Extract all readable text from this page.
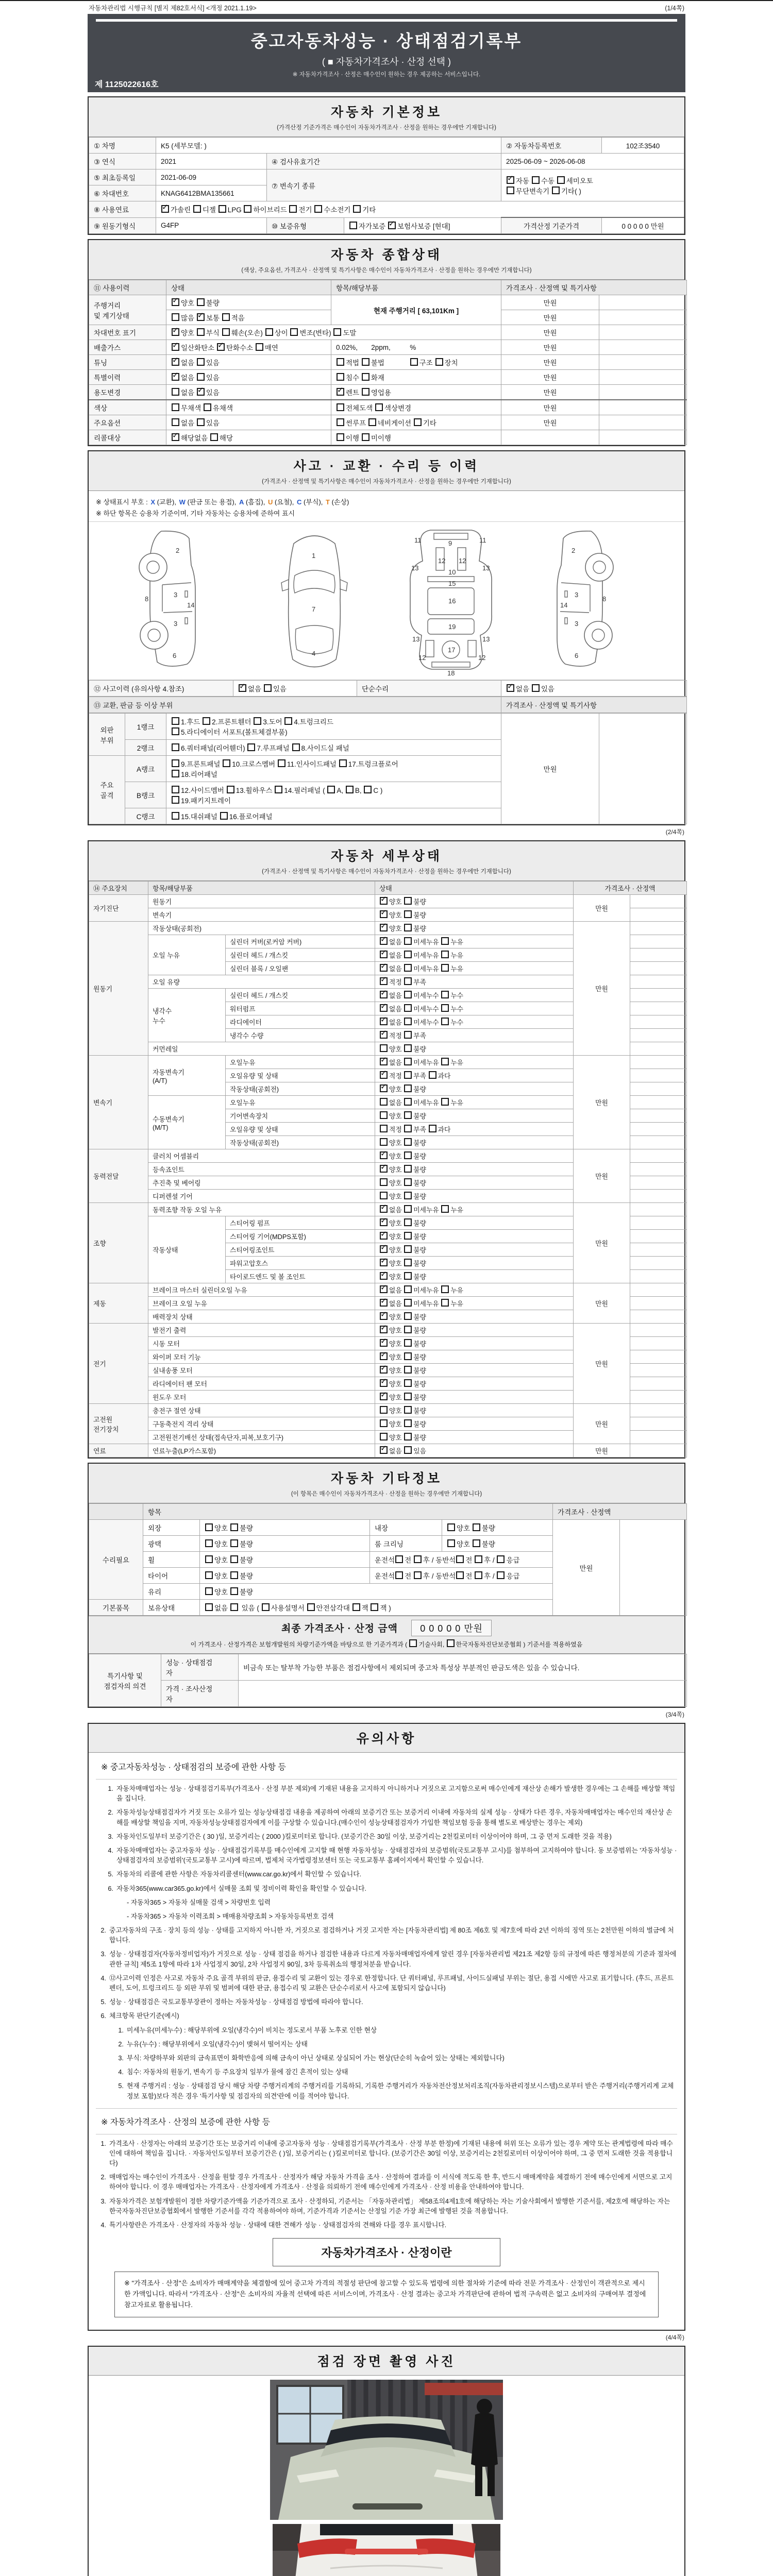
자동차관리법 시행규칙 [별지 제82호서식] <개정 2021.1.19>	(1/4쪽)
중고자동차성능 · 상태점검기록부
( ■ 자동차가격조사 · 산정 선택 )
※ 자동차가격조사 · 산정은 매수인이 원하는 경우 제공하는 서비스입니다.
제 1125022616호
자동차 기본정보
(가격산정 기준가격은 매수인이 자동차가격조사 · 산정을 원하는 경우에만 기재합니다)
① 차명	K5 (세부모델: )			② 자동차등록번호	102조3540
③ 연식	2021	④ 검사유효기간		2025-06-09 ~ 2026-06-08	
⑤ 최초등록일	2021-06-09	⑦ 변속기 종류	✓자동 수동 세미오토
무단변속기 기타( )
⑥ 차대번호	KNAG6412BMA135661				
⑧ 사용연료	✓가솔린 디젤 LPG 하이브리드 전기 수소전기 기타
⑨ 원동기형식	G4FP	⑩ 보증유형	자가보증 ✓보험사보증 [현대]	가격산정 기준가격	0 0 0 0 0 만원
자동차 종합상태
(색상, 주요옵션, 가격조사 · 산정액 및 특기사항은 매수인이 자동차가격조사 · 산정을 원하는 경우에만 기재합니다)
⑪ 사용이력	상태	항목/해당부품	가격조사 · 산정액 및 특기사항	
주행거리
및 계기상태	✓양호 불량	현재 주행거리 [ 63,101Km ]	만원	
	많음 ✓보통 적음		만원	
차대번호 표기	✓양호 부식 훼손(오손) 상이 변조(변타) 도말		만원	
배출가스	✓일산화탄소 ✓탄화수소 매연	0.02%,       2ppm,          %	만원	
튜닝	✓없음 있음	적법 불법             구조 장치	만원	
특별이력	✓없음 있음	침수 화재	만원	
용도변경	없음 ✓있음	✓렌트 영업용	만원	
색상	무채색 유채색	전체도색 색상변경	만원	
주요옵션	없음 있음	썬루프 네비게이션 기타	만원	
리콜대상	✓해당없음 해당	이행 미이행		
사고 · 교환 · 수리 등 이력
(가격조사 · 산정액 및 특기사항은 매수인이 자동차가격조사 · 산정을 원하는 경우에만 기재합니다)
※ 상태표시 부호 : X (교환), W (판금 또는 용접), A (흠집), U (요철), C (부식), T (손상)
※ 하단 항목은 승용차 기준이며, 기타 자동차는 승용차에 준하여 표시
2
3
14
3
8
6
1
7
4
9
11	11
12 12
13	13
10
15
16
19
13	13
12
17
12
18
2
3
14
3
8
6
⑫ 사고이력 (유의사항 4.참조)	✓없음 있음	단순수리	✓없음 있음
⑬ 교환, 판금 등 이상 부위	가격조사 · 산정액 및 특기사항
외판
부위	1랭크	1.후드 2.프론트휀더 3.도어 4.트렁크리드
5.라디에이터 서포트(볼트체결부품)	만원	
	2랭크	6.쿼터패널(리어휀더) 7.루프패널 8.사이드실 패널		
주요
골격	A랭크	9.프론트패널 10.크로스멤버 11.인사이드패널 17.트렁크플로어
18.리어패널		
	B랭크	12.사이드멤버 13.휠하우스 14.필러패널 ( A, B, C )
19.패키지트레이		
	C랭크	15.대쉬패널 16.플로어패널		
(2/4쪽)
자동차 세부상태
(가격조사 · 산정액 및 특기사항은 매수인이 자동차가격조사 · 산정을 원하는 경우에만 기재합니다)
⑭ 주요장치	항목/해당부품		상태	가격조사 · 산정액	
자기진단	원동기	✓양호 불량	만원	
	변속기	✓양호 불량	
원동기	작동상태(공회전)	✓양호 불량	만원	
	오일 누유	실린더 커버(로커암 커버)	✓없음 미세누유 누유	
		실린더 헤드 / 개스킷	✓없음 미세누유 누유	
		실린더 블록 / 오일팬	✓없음 미세누유 누유	
	오일 유량	✓적정 부족	
	냉각수
누수	실린더 헤드 / 개스킷	✓없음 미세누수 누수	
		워터펌프	✓없음 미세누수 누수	
		라디에이터	✓없음 미세누수 누수	
		냉각수 수량	✓적정 부족	
	커먼레일		양호 불량		
변속기	자동변속기
(A/T)	오일누유	✓없음 미세누유 누유	만원	
		오일유량 및 상태	✓적정 부족 과다	
		작동상태(공회전)	✓양호 불량	
	수동변속기
(M/T)	오일누유	없음 미세누유 누유		
		기어변속장치	양호 불량		
		오일유량 및 상태	적정 부족 과다		
		작동상태(공회전)	양호 불량		
동력전달	클러치 어셈블리	✓양호 불량	만원	
	등속죠인트	✓양호 불량	
	추진축 및 베어링		양호 불량		
	디퍼렌셜 기어		양호 불량		
조향	동력조향 작동 오일 누유	✓없음 미세누유 누유	만원	
	작동상태	스티어링 펌프	✓양호 불량	
		스티어링 기어(MDPS포함)	✓양호 불량	
		스티어링조인트	✓양호 불량	
		파워고압호스	✓양호 불량	
		타이로드엔드 및 볼 조인트	✓양호 불량	
제동	브레이크 마스터 실린더오일 누유	✓없음 미세누유 누유	만원	
	브레이크 오일 누유	✓없음 미세누유 누유	
	배력장치 상태	✓양호 불량	
전기	발전기 출력	✓양호 불량	만원	
	시동 모터	✓양호 불량	
	와이퍼 모터 기능	✓양호 불량	
	실내송풍 모터	✓양호 불량	
	라디에이터 팬 모터	✓양호 불량	
	윈도우 모터	✓양호 불량	
고전원
전기장치	충전구 절연 상태		양호 불량	만원	
	구동축전지 격리 상태		양호 불량		
	고전원전기배선 상태(접속단자,피복,보호기구)		양호 불량		
연료	연료누출(LP가스포함)	✓없음 있음	만원	
자동차 기타정보
(이 항목은 매수인이 자동차가격조사 · 산정을 원하는 경우에만 기재합니다)
	항목				가격조사 · 산정액	
수리필요	외장	양호 불량	내장	양호 불량	만원	
	광택	양호 불량	룸 크리닝	양호 불량		
	휠	양호 불량	운전석 전 후 / 동반석 전 후 / 응급			
	타이어	양호 불량	운전석 전 후 / 동반석 전 후 / 응급			
	유리	양호 불량				
기본품목	보유상태	없음  있음 ( 사용설명서 안전삼각대 잭 잭 )				
최종 가격조사 · 산정 금액 0 0 0 0 0 만원
이 가격조사 · 산정가격은 보험개발원의 차량기준가액을 바탕으로 한 기준가격과 ( 기술사회, 한국자동차진단보증협회 ) 기준서를 적용하였음
특기사항 및
점검자의 의견	성능 · 상태점검
자	비금속 또는 탈부착 가능한 부품은 점검사항에서 제외되며 중고차 특성상 부분적인 판금도색은 있을 수 있습니다.
	가격 · 조사산정
자	

(3/4쪽)
유의사항
※ 중고자동차성능 · 상태점검의 보증에 관한 사항 등
1. 자동차매매업자는 성능 · 상태점검기록부(가격조사 · 산정 부분 제외)에 기재된 내용을 고지하지 아니하거나 거짓으로 고지함으로써 매수인에게 재산상 손해가 발생한 경우에는 그 손해를 배상할 책임을 집니다.
2. 자동차성능상태점검자가 거짓 또는 오류가 있는 성능상태점검 내용을 제공하여 아래의 보증기간 또는 보증거리 이내에 자동차의 실제 성능 · 상태가 다른 경우, 자동차매매업자는 매수인의 재산상 손해를 배상할 책임을 지며, 자동차성능상태점검자에게 이를 구상할 수 있습니다.(매수인이 성능상태점검자가 가입한 책임보험 등을 통해 별도로 배상받는 경우는 제외)
3. 자동차인도일부터 보증기간은 ( 30 )일, 보증거리는 ( 2000 )킬로미터로 합니다. (보증기간은 30일 이상, 보증거리는 2천킬로미터 이상이어야 하며, 그 중 먼저 도래한 것을 적용)
4. 자동차매매업자는 중고자동차 성능 · 상태점검기록부를 매수인에게 고지할 때 현행 자동차성능 · 상태점검자의 보증범위(국토교통부 고시)를 첨부하여 고지하여야 합니다. 동 보증범위는 '자동차성능 · 상태점검자의 보증범위'(국토교통부 고시)에 따르며, 법제처 국가법령정보센터 또는 국토교통부 홈페이지에서 확인할 수 있습니다.
5. 자동차의 리콜에 관한 사항은 자동차리콜센터(www.car.go.kr)에서 확인할 수 있습니다.
6. 자동차365(www.car365.go.kr)에서 실매물 조회 및 정비이력 확인을 확인할 수 있습니다.
- 자동차365 > 자동차 실매물 검색 > 차량번호 입력
- 자동차365 > 자동차 이력조회 > 매매용차량조회 > 자동차등록번호 검색
2. 중고자동차의 구조 · 장치 등의 성능 · 상태를 고지하지 아니한 자, 거짓으로 점검하거나 거짓 고지한 자는 [자동차관리법] 제 80조 제6호 및 제7호에 따라 2년 이하의 징역 또는 2천만원 이하의 벌금에 처합니다.
3. 성능 · 상태점검자(자동차정비업자)가 거짓으로 성능 · 상태 점검을 하거나 점검한 내용과 다르게 자동차매매업자에게 알린 경우 [자동차관리법 제21조 제2항 등의 규정에 따른 행정처분의 기준과 절차에 관한 규칙] 제5조 1항에 따라 1차 사업정지 30일, 2차 사업정지 90일, 3차 등록취소의 행정처분을 받습니다.
4. ⑫사고이력 인정은 사고로 자동차 주요 골격 부위의 판금, 용접수리 및 교환이 있는 경우로 한정합니다. 단 쿼터패널, 루프패널, 사이드실패널 부위는 절단, 용접 시에만 사고로 표기합니다. (후드, 프론트펜더, 도어, 트렁크리드 등 외판 부위 및 범퍼에 대한 판금, 용접수리 및 교환은 단순수리로서 사고에 포함되지 않습니다)
5. 성능 · 상태점검은 국토교통부장관이 정하는 자동차성능 · 상태점검 방법에 따라야 합니다.
6. 체크항목 판단기준(예시)
1. 미세누유(미세누수) : 해당부위에 오일(냉각수)이 비치는 정도로서 부품 노후로 인한 현상
2. 누유(누수) : 해당부위에서 오일(냉각수)이 맺혀서 떨어지는 상태
3. 부식: 차량하부와 외판의 금속표면이 화학반응에 의해 금속이 아닌 상태로 상실되어 가는 현상(단순히 녹슬어 있는 상태는 제외합니다)
4. 침수: 자동차의 원동기, 변속기 등 주요장치 일부가 물에 잠긴 흔적이 있는 상태
5. 현재 주행거리 : 성능 · 상태점검 당시 해당 차량 주행거리계의 주행거리를 기록하되, 기록한 주행거리가 자동차전산정보처리조직(자동차관리정보시스템)으로부터 받은 주행거리(주행거리계 교체 정보 포함)보다 적은 경우 '특기사항 및 점검자의 의견'란에 이를 적어야 합니다.
※ 자동차가격조사 · 산정의 보증에 관한 사항 등
1. 가격조사 · 산정자는 아래의 보증기간 또는 보증거리 이내에 중고자동차 성능 · 상태점검기록부(가격조사 · 산정 부분 한정)에 기재된 내용에 허위 또는 오류가 있는 경우 계약 또는 관계법령에 따라 매수인에 대하여 책임을 집니다. · 자동차인도일부터 보증기간은 ( )일, 보증거리는 ( )킬로미터로 합니다. (보증기간은 30일 이상, 보증거리는 2천킬로미터 이상이어야 하며, 그 중 먼저 도래한 것을 적용합니다)
2. 매매업자는 매수인이 가격조사 · 산정을 원할 경우 가격조사 · 산정자가 해당 자동차 가격을 조사 · 산정하여 결과를 이 서식에 적도록 한 후, 반드시 매매계약을 체결하기 전에 매수인에게 서면으로 고지하여야 합니다. 이 경우 매매업자는 가격조사 · 산정자에게 가격조사 · 산정을 의뢰하기 전에 매수인에게 가격조사 · 산정 비용을 안내하여야 합니다.
3. 자동차가격은 보험개발원이 정한 차량기준가액을 기준가격으로 조사 · 산정하되, 기준서는 「자동차관리법」 제58조의4제1호에 해당하는 자는 기술사회에서 발행한 기준서를, 제2호에 해당하는 자는 한국자동차진단보증협회에서 발행한 기준서를 각각 적용하여야 하며, 기준가격과 기준서는 산정일 기준 가장 최근에 발행된 것을 적용합니다.
4. 특기사항란은 가격조사 · 산정자의 자동차 성능 · 상태에 대한 견해가 성능 · 상태점검자의 견해와 다를 경우 표시합니다.
자동차가격조사 · 산정이란
※ "가격조사 · 산정"은 소비자가 매매계약을 체결함에 있어 중고차 가격의 적절성 판단에 참고할 수 있도록 법령에 의한 절차와 기준에 따라 전문 가격조사 · 산정인이 객관적으로 제시한 가액입니다. 따라서 "가격조사 · 산정"은 소비자의 자율적 선택에 따른 서비스이며, 가격조사 · 산정 결과는 중고차 가격판단에 관하여 법적 구속력은 없고 소비자의 구매여부 결정에 참고자료로 활용됩니다.
(4/4쪽)
점검 장면 촬영 사진
